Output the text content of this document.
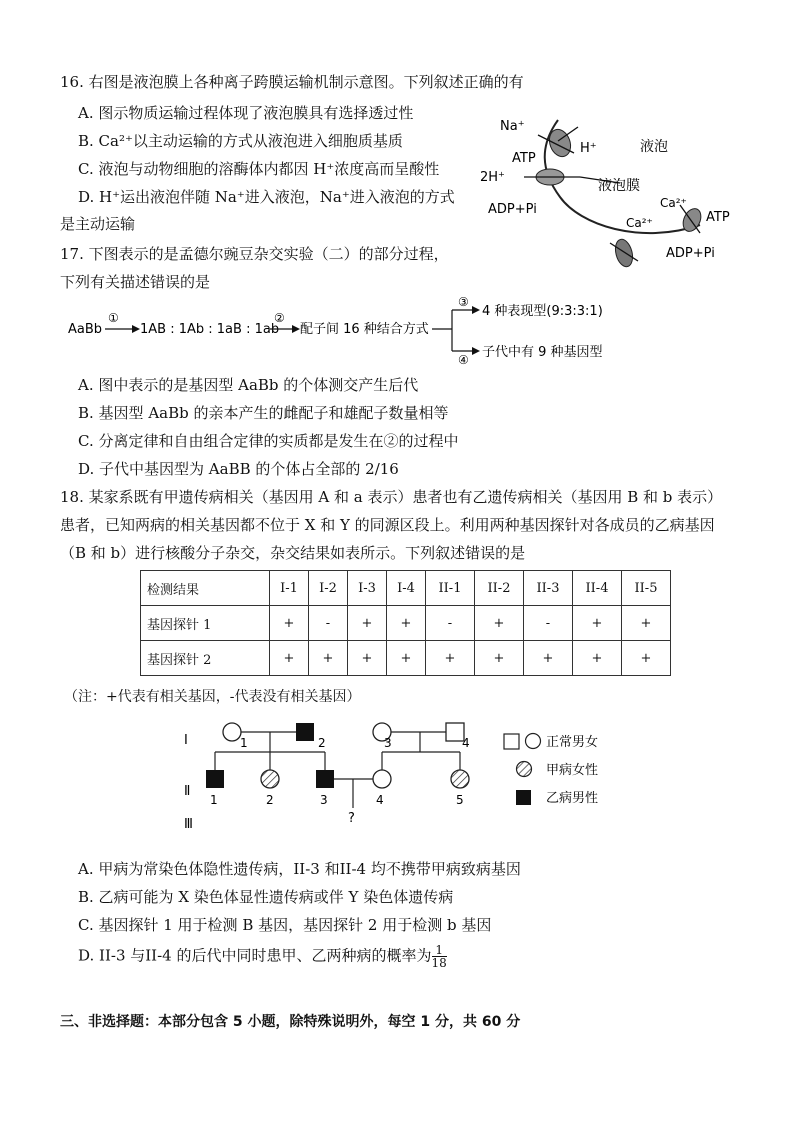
16. 右图是液泡膜上各种离子跨膜运输机制示意图。下列叙述正确的有
A. 图示物质运输过程体现了液泡膜具有选择透过性
B. Ca²⁺以主动运输的方式从液泡进入细胞质基质
C. 液泡与动物细胞的溶酶体内都因 H⁺浓度高而呈酸性
D. H⁺运出液泡伴随 Na⁺进入液泡，Na⁺进入液泡的方式
是主动运输
Na⁺
H⁺	液泡
ATP
2H⁺
液泡膜
ADP+Pi	Ca²⁺
Ca²⁺	ATP
ADP+Pi
17. 下图表示的是孟德尔豌豆杂交实验（二）的部分过程，
下列有关描述错误的是
AaBb
①
1AB : 1Ab : 1aB : 1ab
②
配子间 16 种结合方式
③
④
4 种表现型(9:3:3:1)
子代中有 9 种基因型
A. 图中表示的是基因型 AaBb 的个体测交产生后代
B. 基因型 AaBb 的亲本产生的雌配子和雄配子数量相等
C. 分离定律和自由组合定律的实质都是发生在②的过程中
D. 子代中基因型为 AaBB 的个体占全部的 2/16
18. 某家系既有甲遗传病相关（基因用 A 和 a 表示）患者也有乙遗传病相关（基因用 B 和 b 表示）
患者，已知两病的相关基因都不位于 X 和 Y 的同源区段上。利用两种基因探针对各成员的乙病基因
（B 和 b）进行核酸分子杂交，杂交结果如表所示。下列叙述错误的是
检测结果	I-1	I-2	I-3	I-4	II-1	II-2	II-3	II-4	II-5
基因探针 1	+	-	+	+	-	+	-	+	+
基因探针 2	+	+	+	+	+	+	+	+	+
（注：+代表有相关基因，-代表没有相关基因）
Ⅰ
Ⅱ
Ⅲ
1	2	3	4
1	2	3	4	5
?
正常男女
甲病女性
乙病男性
A. 甲病为常染色体隐性遗传病，II-3 和II-4 均不携带甲病致病基因
B. 乙病可能为 X 染色体显性遗传病或伴 Y 染色体遗传病
C. 基因探针 1 用于检测 B 基因，基因探针 2 用于检测 b 基因
D. II-3 与II-4 的后代中同时患甲、乙两种病的概率为 $\frac{1}{18}$
三、非选择题：本部分包含 5 小题，除特殊说明外，每空 1 分，共 60 分
